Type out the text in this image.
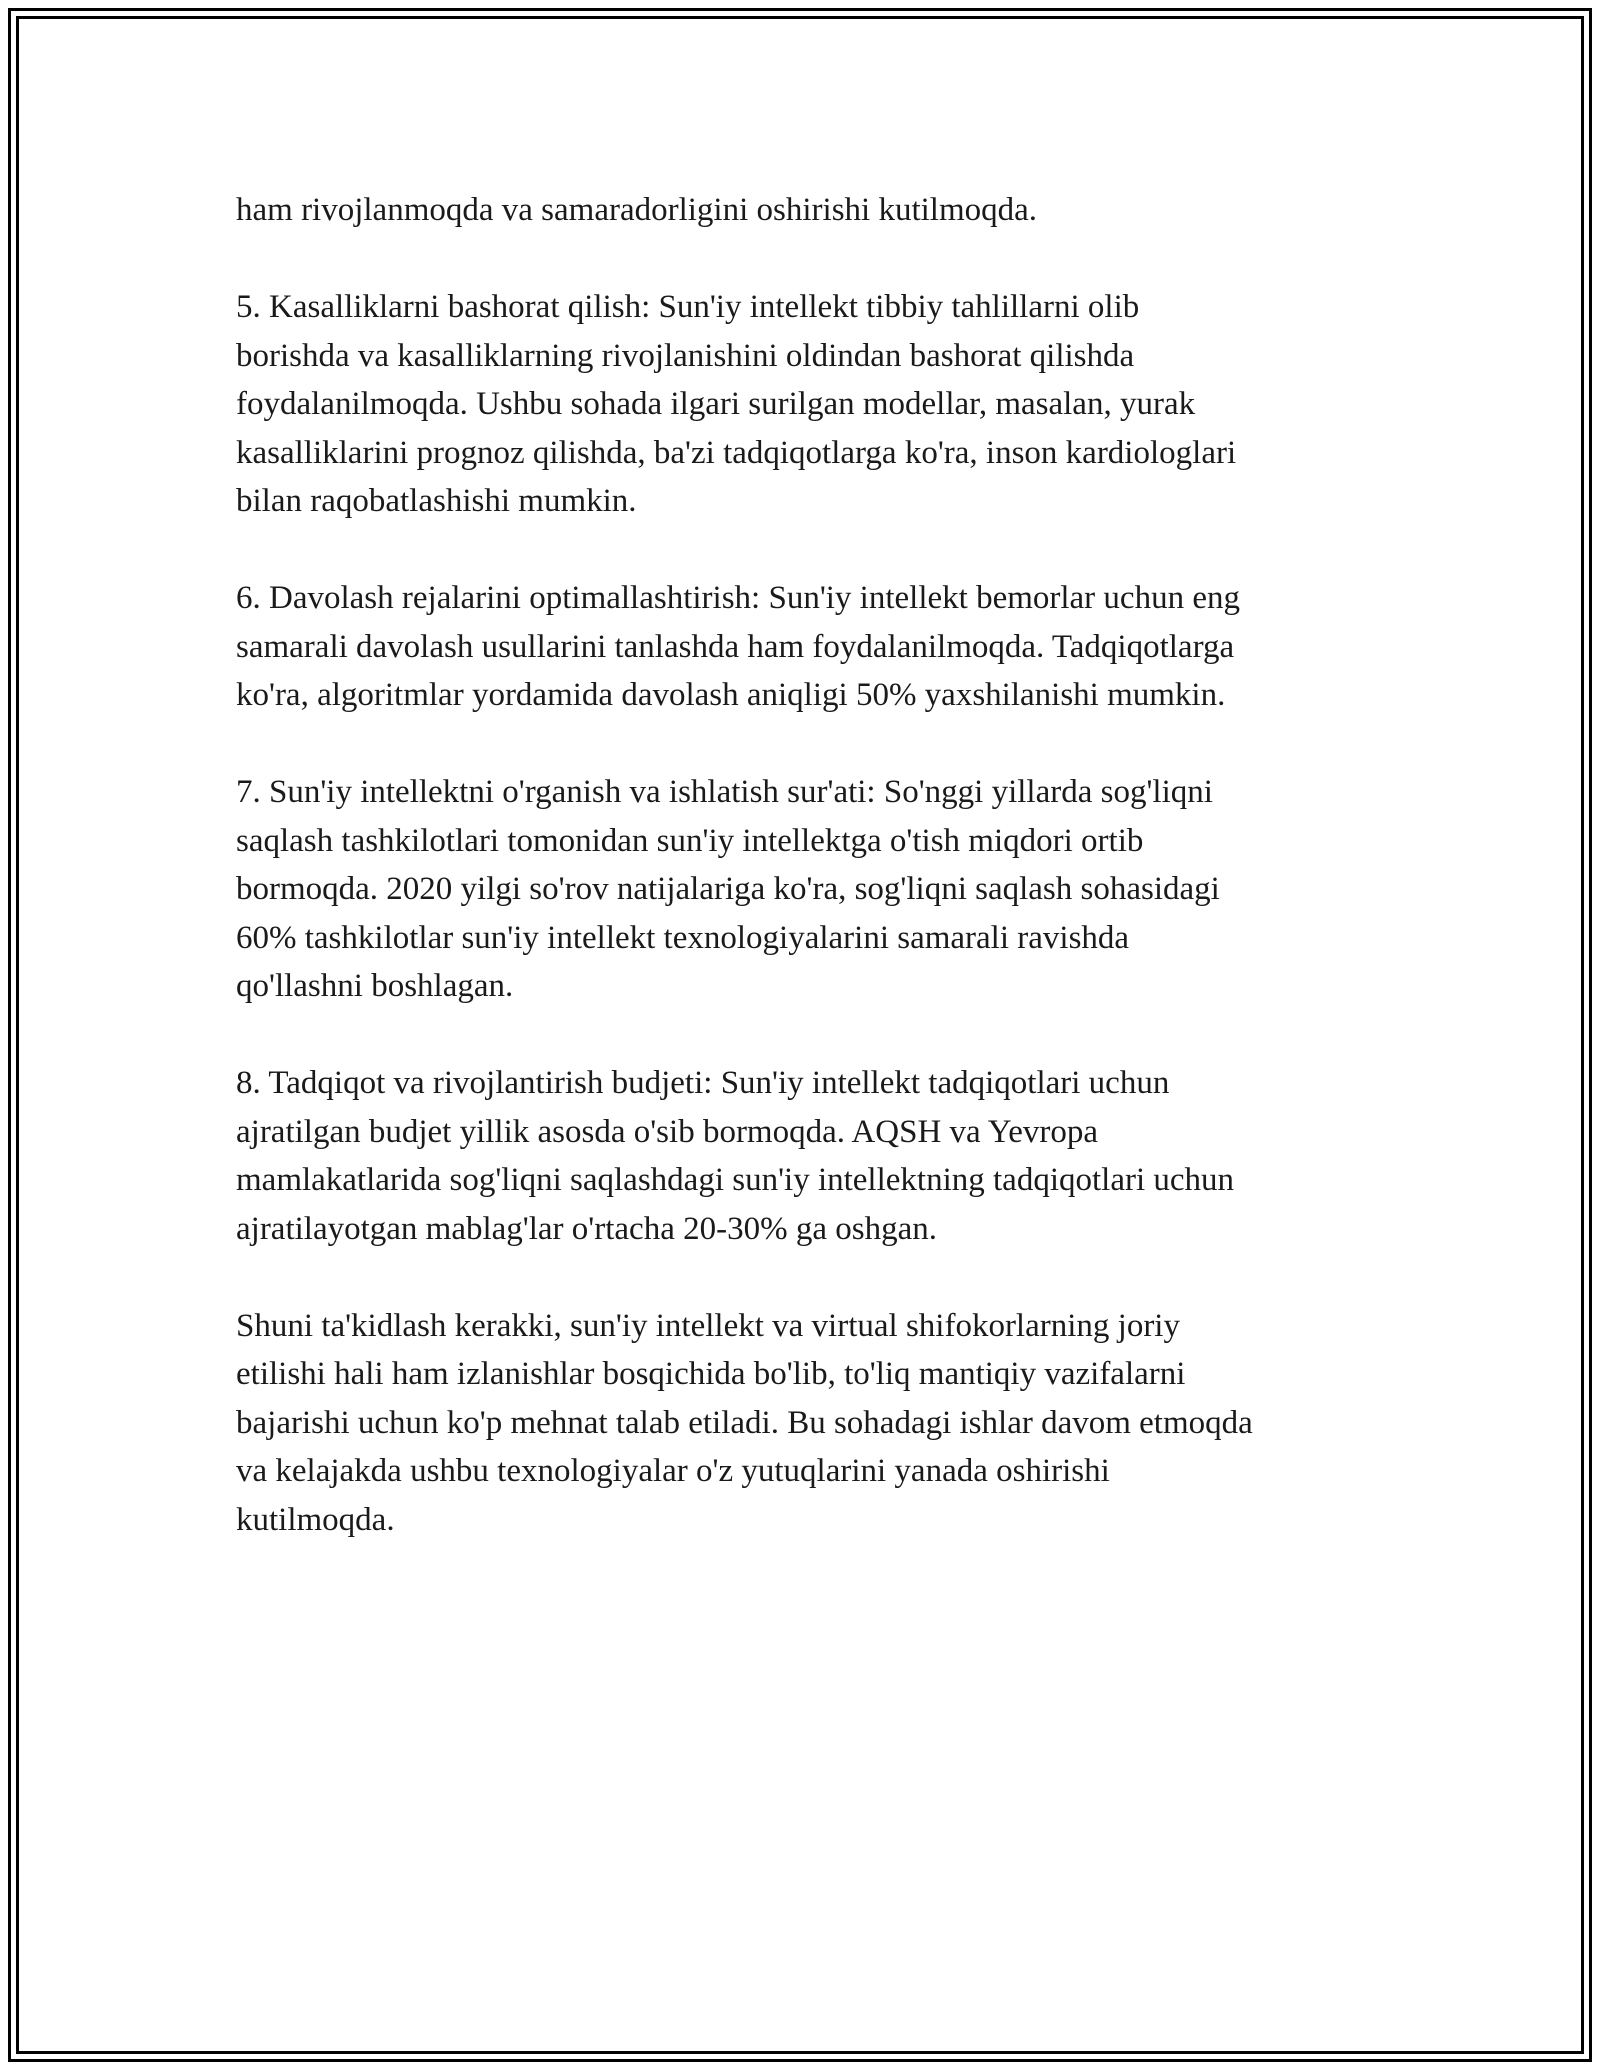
ham rivojlanmoqda va samaradorligini oshirishi kutilmoqda.

5. Kasalliklarni bashorat qilish: Sun'iy intellekt tibbiy tahlillarni olib
borishda va kasalliklarning rivojlanishini oldindan bashorat qilishda
foydalanilmoqda. Ushbu sohada ilgari surilgan modellar, masalan, yurak
kasalliklarini prognoz qilishda, ba'zi tadqiqotlarga ko'ra, inson kardiologlari
bilan raqobatlashishi mumkin.

6. Davolash rejalarini optimallashtirish: Sun'iy intellekt bemorlar uchun eng
samarali davolash usullarini tanlashda ham foydalanilmoqda. Tadqiqotlarga
ko'ra, algoritmlar yordamida davolash aniqligi 50% yaxshilanishi mumkin.

7. Sun'iy intellektni o'rganish va ishlatish sur'ati: So'nggi yillarda sog'liqni
saqlash tashkilotlari tomonidan sun'iy intellektga o'tish miqdori ortib
bormoqda. 2020 yilgi so'rov natijalariga ko'ra, sog'liqni saqlash sohasidagi
60% tashkilotlar sun'iy intellekt texnologiyalarini samarali ravishda
qo'llashni boshlagan.

8. Tadqiqot va rivojlantirish budjeti: Sun'iy intellekt tadqiqotlari uchun
ajratilgan budjet yillik asosda o'sib bormoqda. AQSH va Yevropa
mamlakatlarida sog'liqni saqlashdagi sun'iy intellektning tadqiqotlari uchun
ajratilayotgan mablag'lar o'rtacha 20-30% ga oshgan.

Shuni ta'kidlash kerakki, sun'iy intellekt va virtual shifokorlarning joriy
etilishi hali ham izlanishlar bosqichida bo'lib, to'liq mantiqiy vazifalarni
bajarishi uchun ko'p mehnat talab etiladi. Bu sohadagi ishlar davom etmoqda
va kelajakda ushbu texnologiyalar o'z yutuqlarini yanada oshirishi
kutilmoqda.
